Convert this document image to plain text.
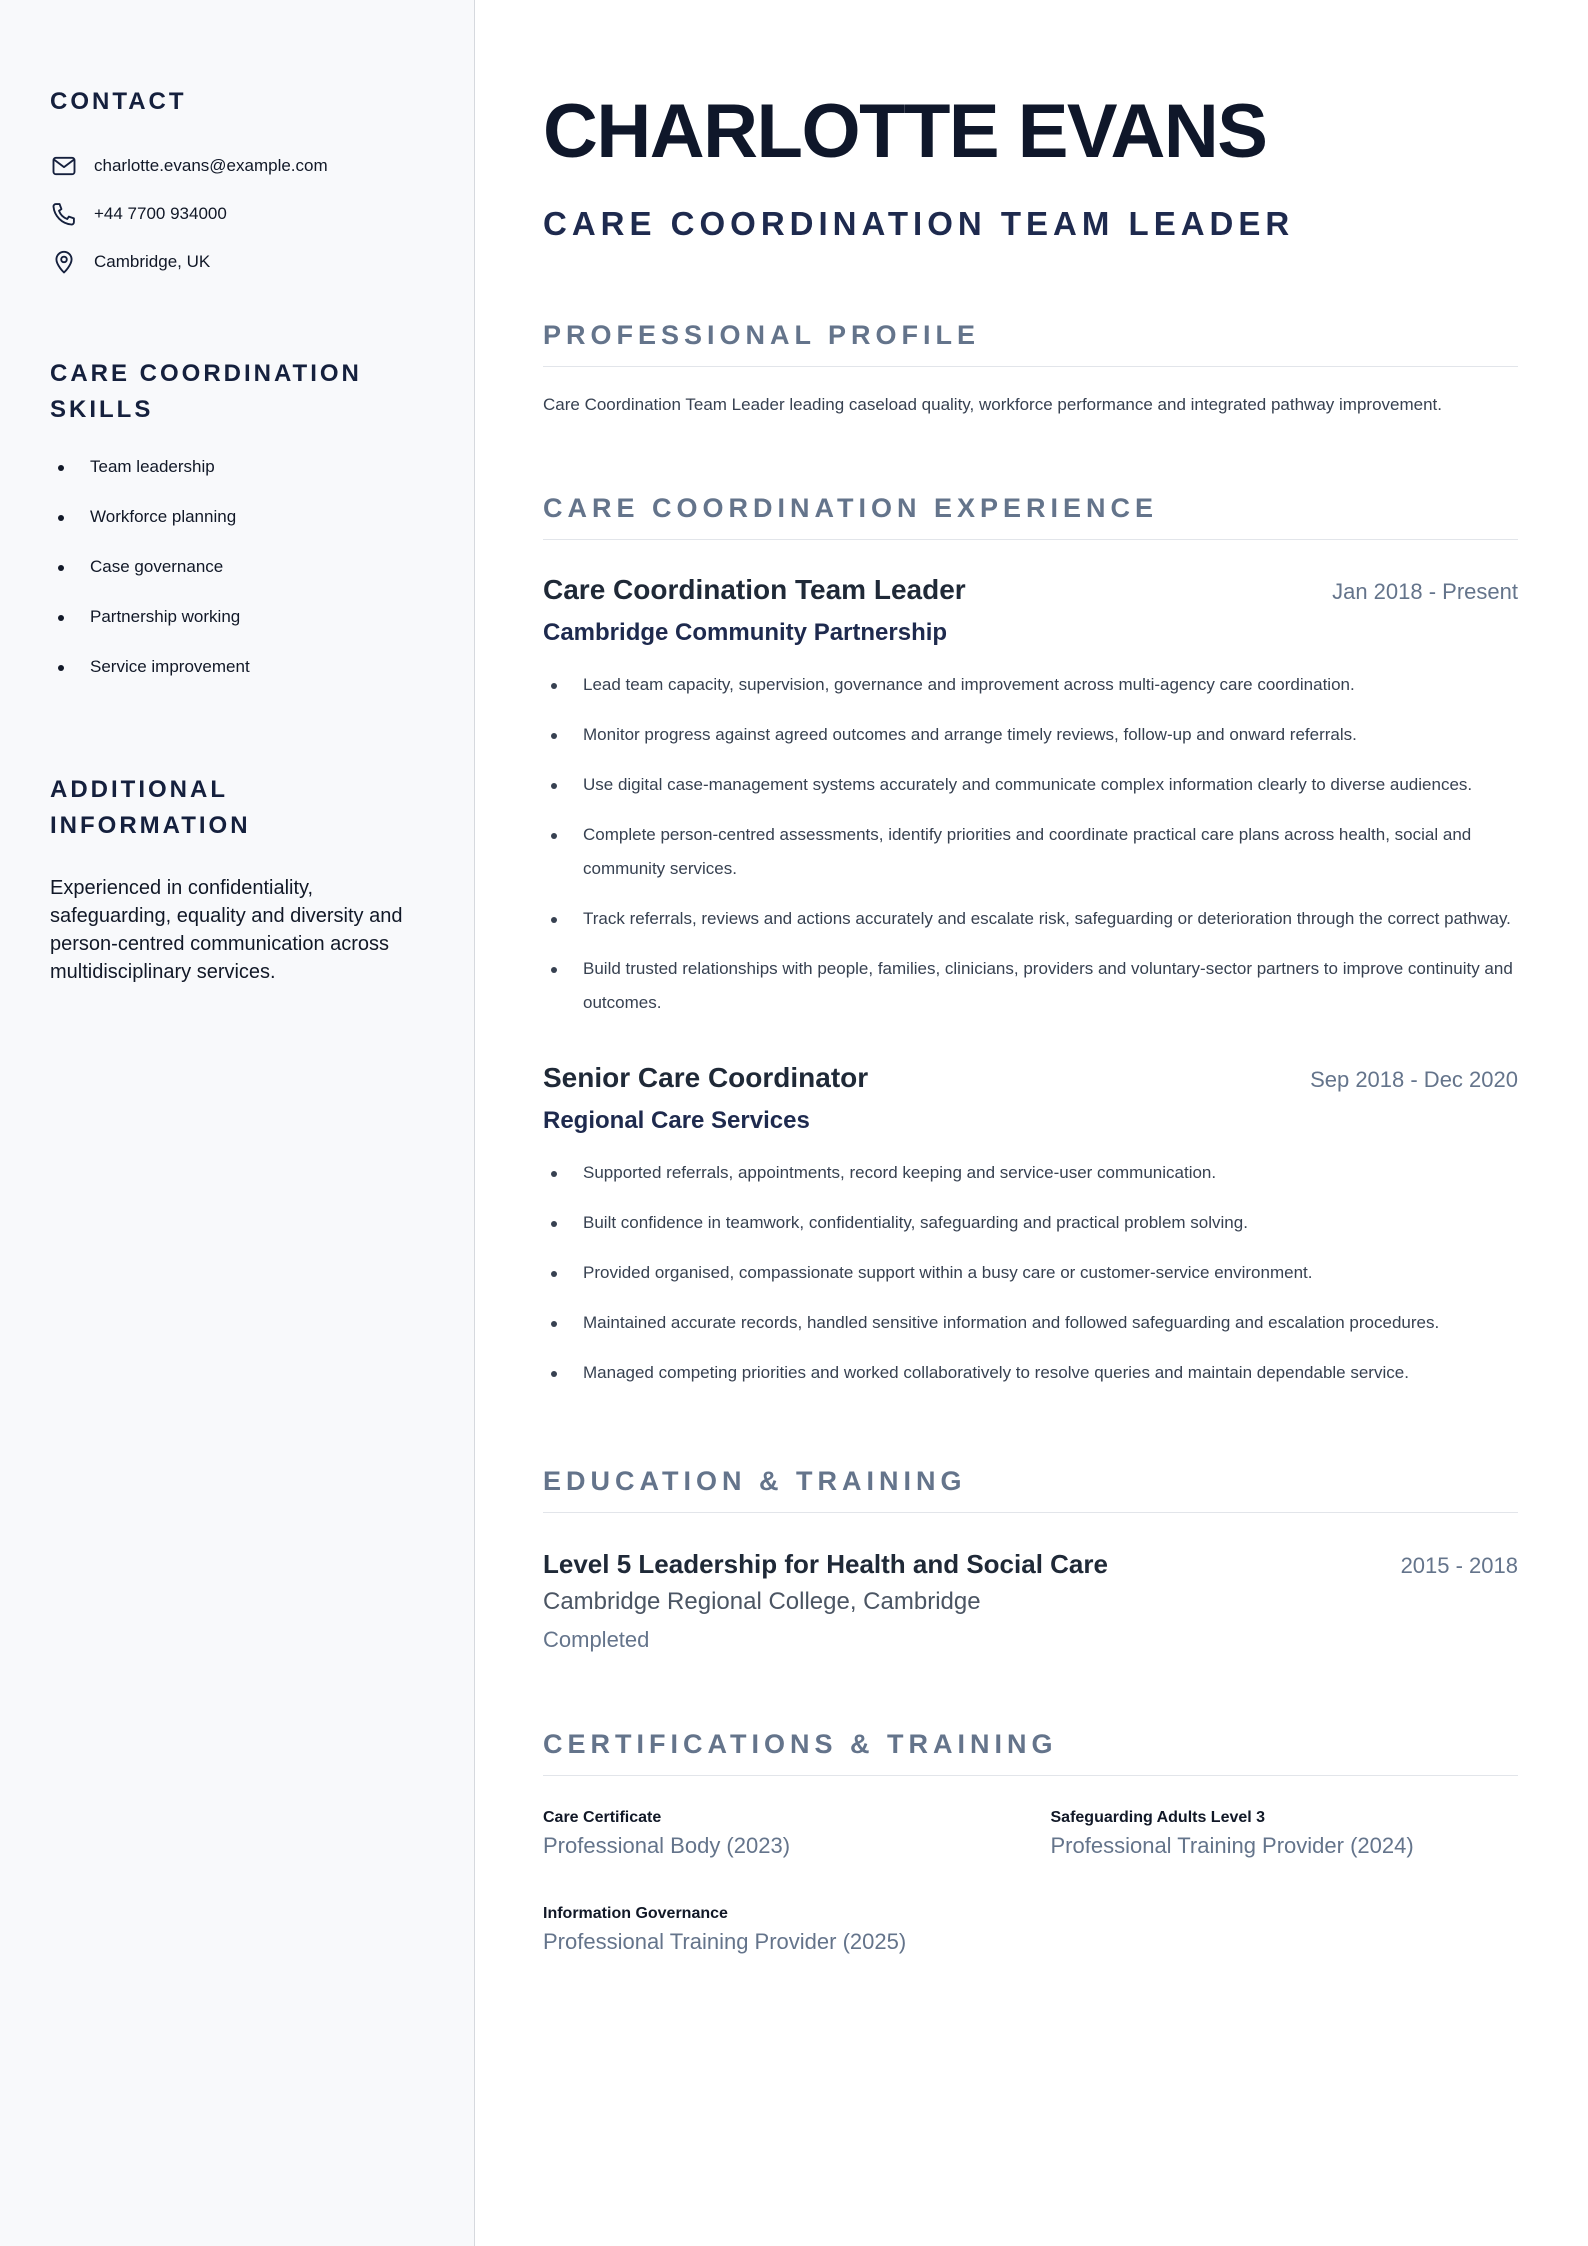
CONTACT
charlotte.evans@example.com
+44 7700 934000
Cambridge, UK
CARE COORDINATION SKILLS
Team leadership
Workforce planning
Case governance
Partnership working
Service improvement
ADDITIONAL INFORMATION

Experienced in confidentiality, safeguarding, equality and diversity and person-centred communication across multidisciplinary services.

CHARLOTTE EVANS
CARE COORDINATION TEAM LEADER
PROFESSIONAL PROFILE

Care Coordination Team Leader leading caseload quality, workforce performance and integrated pathway improvement.

CARE COORDINATION EXPERIENCE
Care Coordination Team Leader	Jan 2018 - Present
Cambridge Community Partnership
Lead team capacity, supervision, governance and improvement across multi-agency care coordination.
Monitor progress against agreed outcomes and arrange timely reviews, follow-up and onward referrals.
Use digital case-management systems accurately and communicate complex information clearly to diverse audiences.
Complete person-centred assessments, identify priorities and coordinate practical care plans across health, social and community services.
Track referrals, reviews and actions accurately and escalate risk, safeguarding or deterioration through the correct pathway.
Build trusted relationships with people, families, clinicians, providers and voluntary-sector partners to improve continuity and outcomes.
Senior Care Coordinator	Sep 2018 - Dec 2020
Regional Care Services
Supported referrals, appointments, record keeping and service-user communication.
Built confidence in teamwork, confidentiality, safeguarding and practical problem solving.
Provided organised, compassionate support within a busy care or customer-service environment.
Maintained accurate records, handled sensitive information and followed safeguarding and escalation procedures.
Managed competing priorities and worked collaboratively to resolve queries and maintain dependable service.
EDUCATION & TRAINING
Level 5 Leadership for Health and Social Care	2015 - 2018
Cambridge Regional College, Cambridge
Completed
CERTIFICATIONS & TRAINING
Care Certificate
Professional Body (2023)
Safeguarding Adults Level 3
Professional Training Provider (2024)
Information Governance
Professional Training Provider (2025)
